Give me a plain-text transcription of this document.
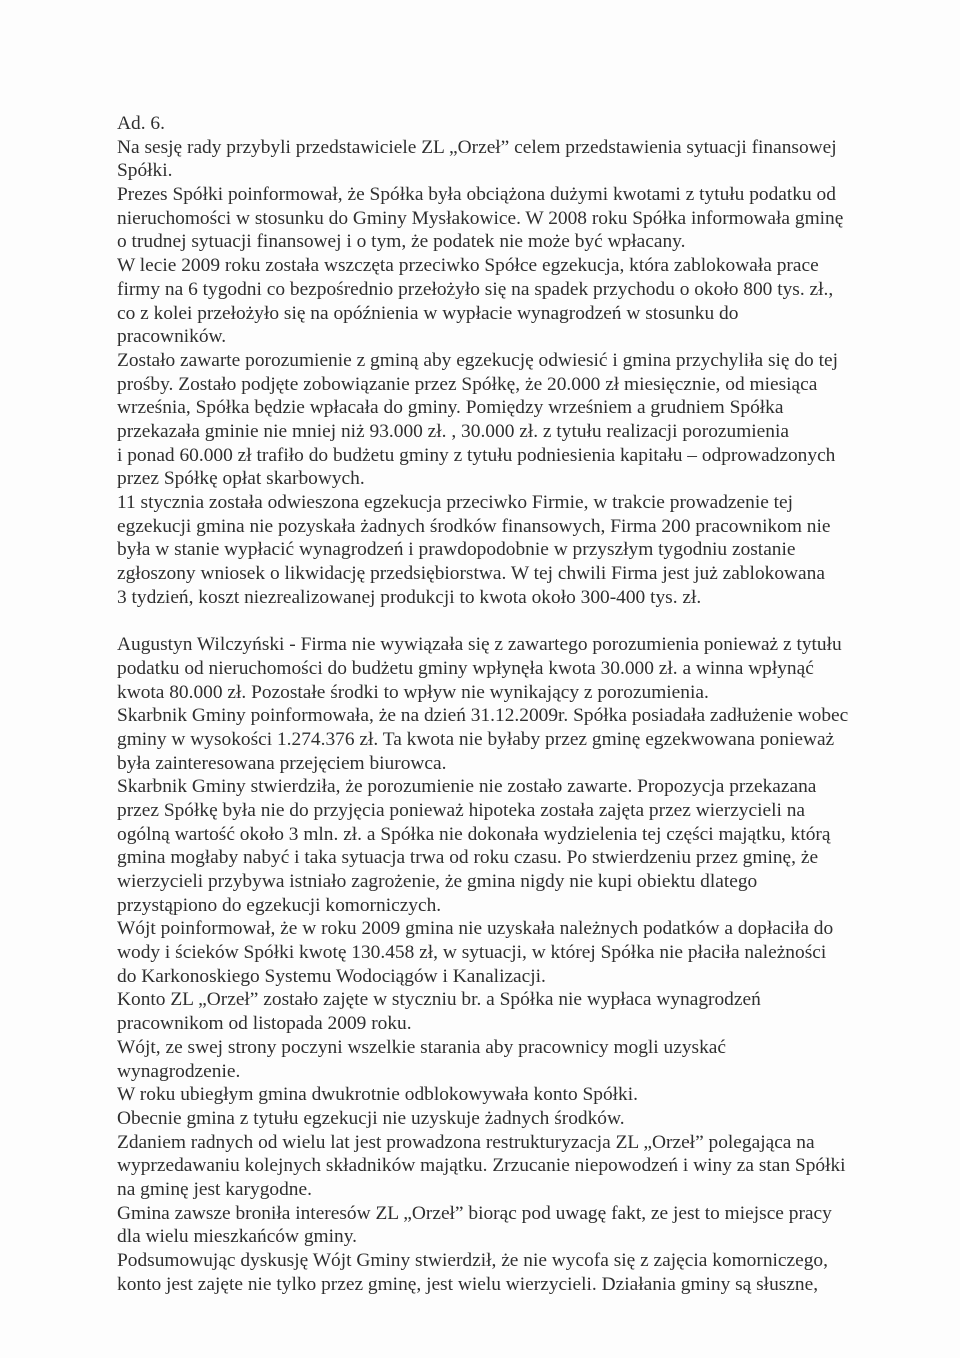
Ad. 6.
Na sesję rady przybyli przedstawiciele ZL „Orzeł” celem przedstawienia sytuacji finansowej
Spółki.
Prezes Spółki poinformował, że Spółka była obciążona dużymi kwotami z tytułu podatku od
nieruchomości w stosunku do Gminy Mysłakowice. W 2008 roku Spółka informowała gminę
o trudnej sytuacji finansowej i o tym, że podatek nie może być wpłacany.
W lecie 2009 roku została wszczęta przeciwko Spółce egzekucja, która zablokowała prace
firmy na 6 tygodni co bezpośrednio przełożyło się na spadek przychodu o około 800 tys. zł.,
co z kolei przełożyło się na opóźnienia w wypłacie wynagrodzeń w stosunku do
pracowników.
Zostało zawarte porozumienie z gminą aby egzekucję odwiesić i gmina przychyliła się do tej
prośby. Zostało podjęte zobowiązanie przez Spółkę, że 20.000 zł miesięcznie, od miesiąca
września, Spółka będzie wpłacała do gminy. Pomiędzy wrześniem a grudniem Spółka
przekazała gminie nie mniej niż 93.000 zł. , 30.000 zł. z tytułu realizacji porozumienia
i ponad 60.000 zł trafiło do budżetu gminy z tytułu podniesienia kapitału – odprowadzonych
przez Spółkę opłat skarbowych.
11 stycznia została odwieszona egzekucja przeciwko Firmie, w trakcie prowadzenie tej
egzekucji gmina nie pozyskała żadnych środków finansowych, Firma 200 pracownikom nie
była w stanie wypłacić wynagrodzeń i prawdopodobnie w przyszłym tygodniu zostanie
zgłoszony wniosek o likwidację przedsiębiorstwa. W tej chwili Firma jest już zablokowana
3 tydzień, koszt niezrealizowanej produkcji to kwota około 300-400 tys. zł.
Augustyn Wilczyński - Firma nie wywiązała się z zawartego porozumienia ponieważ z tytułu
podatku od nieruchomości do budżetu gminy wpłynęła kwota 30.000 zł. a winna wpłynąć
kwota 80.000 zł. Pozostałe środki to wpływ nie wynikający z porozumienia.
Skarbnik Gminy poinformowała, że na dzień 31.12.2009r. Spółka posiadała zadłużenie wobec
gminy w wysokości 1.274.376 zł. Ta kwota nie byłaby przez gminę egzekwowana ponieważ
była zainteresowana przejęciem biurowca.
Skarbnik Gminy stwierdziła, że porozumienie nie zostało zawarte. Propozycja przekazana
przez Spółkę była nie do przyjęcia ponieważ hipoteka została zajęta przez wierzycieli na
ogólną wartość około 3 mln. zł. a Spółka nie dokonała wydzielenia tej części majątku, którą
gmina mogłaby nabyć i taka sytuacja trwa od roku czasu. Po stwierdzeniu przez gminę, że
wierzycieli przybywa istniało zagrożenie, że gmina nigdy nie kupi obiektu dlatego
przystąpiono do egzekucji komorniczych.
Wójt poinformował, że w roku 2009 gmina nie uzyskała należnych podatków a dopłaciła do
wody i ścieków Spółki kwotę 130.458 zł, w sytuacji, w której Spółka nie płaciła należności
do Karkonoskiego Systemu Wodociągów i Kanalizacji.
Konto ZL „Orzeł” zostało zajęte w styczniu br. a Spółka nie wypłaca wynagrodzeń
pracownikom od listopada 2009 roku.
Wójt, ze swej strony poczyni wszelkie starania aby pracownicy mogli uzyskać
wynagrodzenie.
W roku ubiegłym gmina dwukrotnie odblokowywała konto Spółki.
Obecnie gmina z tytułu egzekucji nie uzyskuje żadnych środków.
Zdaniem radnych od wielu lat jest prowadzona restrukturyzacja ZL „Orzeł” polegająca na
wyprzedawaniu kolejnych składników majątku. Zrzucanie niepowodzeń i winy za stan Spółki
na gminę jest karygodne.
Gmina zawsze broniła interesów ZL „Orzeł” biorąc pod uwagę fakt, ze jest to miejsce pracy
dla wielu mieszkańców gminy.
Podsumowując dyskusję Wójt Gminy stwierdził, że nie wycofa się z zajęcia komorniczego,
konto jest zajęte nie tylko przez gminę, jest wielu wierzycieli. Działania gminy są słuszne,
